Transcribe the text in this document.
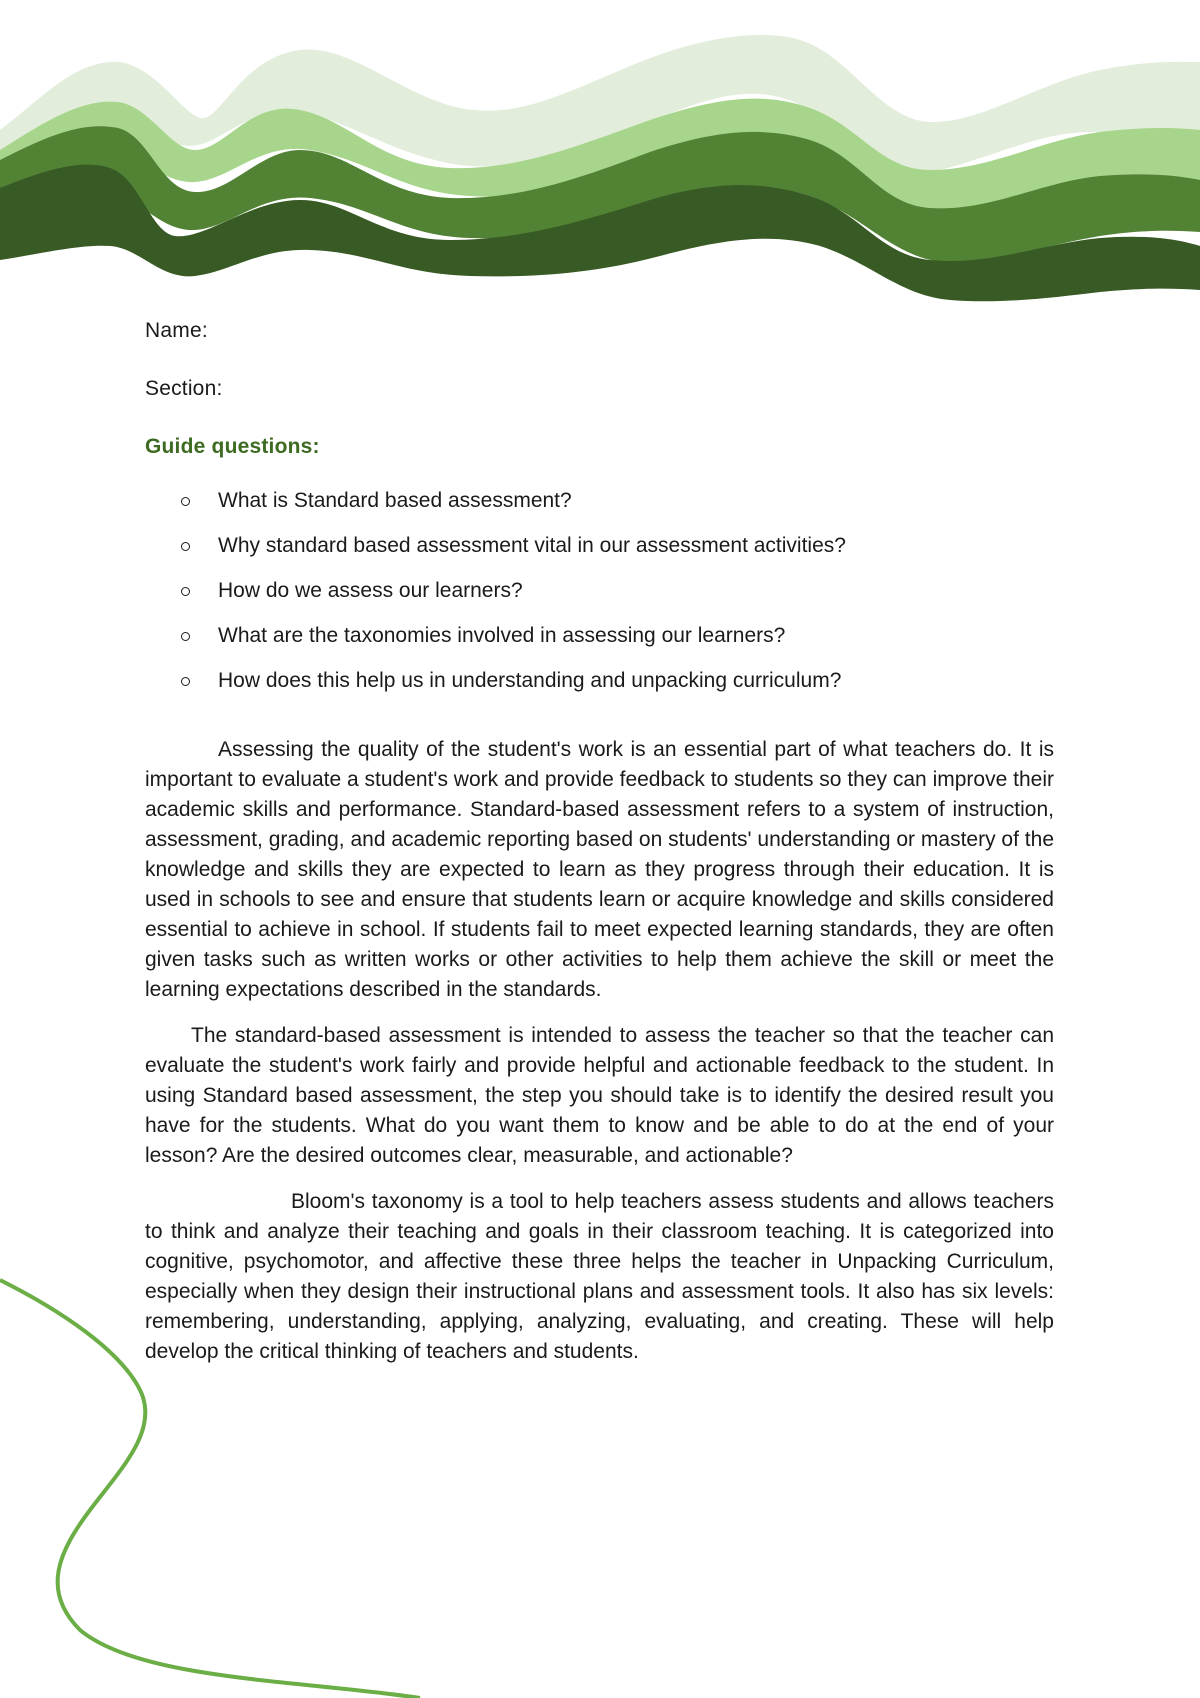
Name:

Section:

Guide questions:

What is Standard based assessment?
Why standard based assessment vital in our assessment activities?
How do we assess our learners?
What are the taxonomies involved in assessing our learners?
How does this help us in understanding and unpacking curriculum?

Assessing the quality of the student's work is an essential part of what teachers do. It is important to evaluate a student's work and provide feedback to students so they can improve their academic skills and performance. Standard-based assessment refers to a system of instruction, assessment, grading, and academic reporting based on students' understanding or mastery of the knowledge and skills they are expected to learn as they progress through their education. It is used in schools to see and ensure that students learn or acquire knowledge and skills considered essential to achieve in school. If students fail to meet expected learning standards, they are often given tasks such as written works or other activities to help them achieve the skill or meet the learning expectations described in the standards.

The standard-based assessment is intended to assess the teacher so that the teacher can evaluate the student's work fairly and provide helpful and actionable feedback to the student. In using Standard based assessment, the step you should take is to identify the desired result you have for the students. What do you want them to know and be able to do at the end of your lesson? Are the desired outcomes clear, measurable, and actionable?

Bloom's taxonomy is a tool to help teachers assess students and allows teachers to think and analyze their teaching and goals in their classroom teaching. It is categorized into cognitive, psychomotor, and affective these three helps the teacher in Unpacking Curriculum, especially when they design their instructional plans and assessment tools. It also has six levels: remembering, understanding, applying, analyzing, evaluating, and creating. These will help develop the critical thinking of teachers and students.
